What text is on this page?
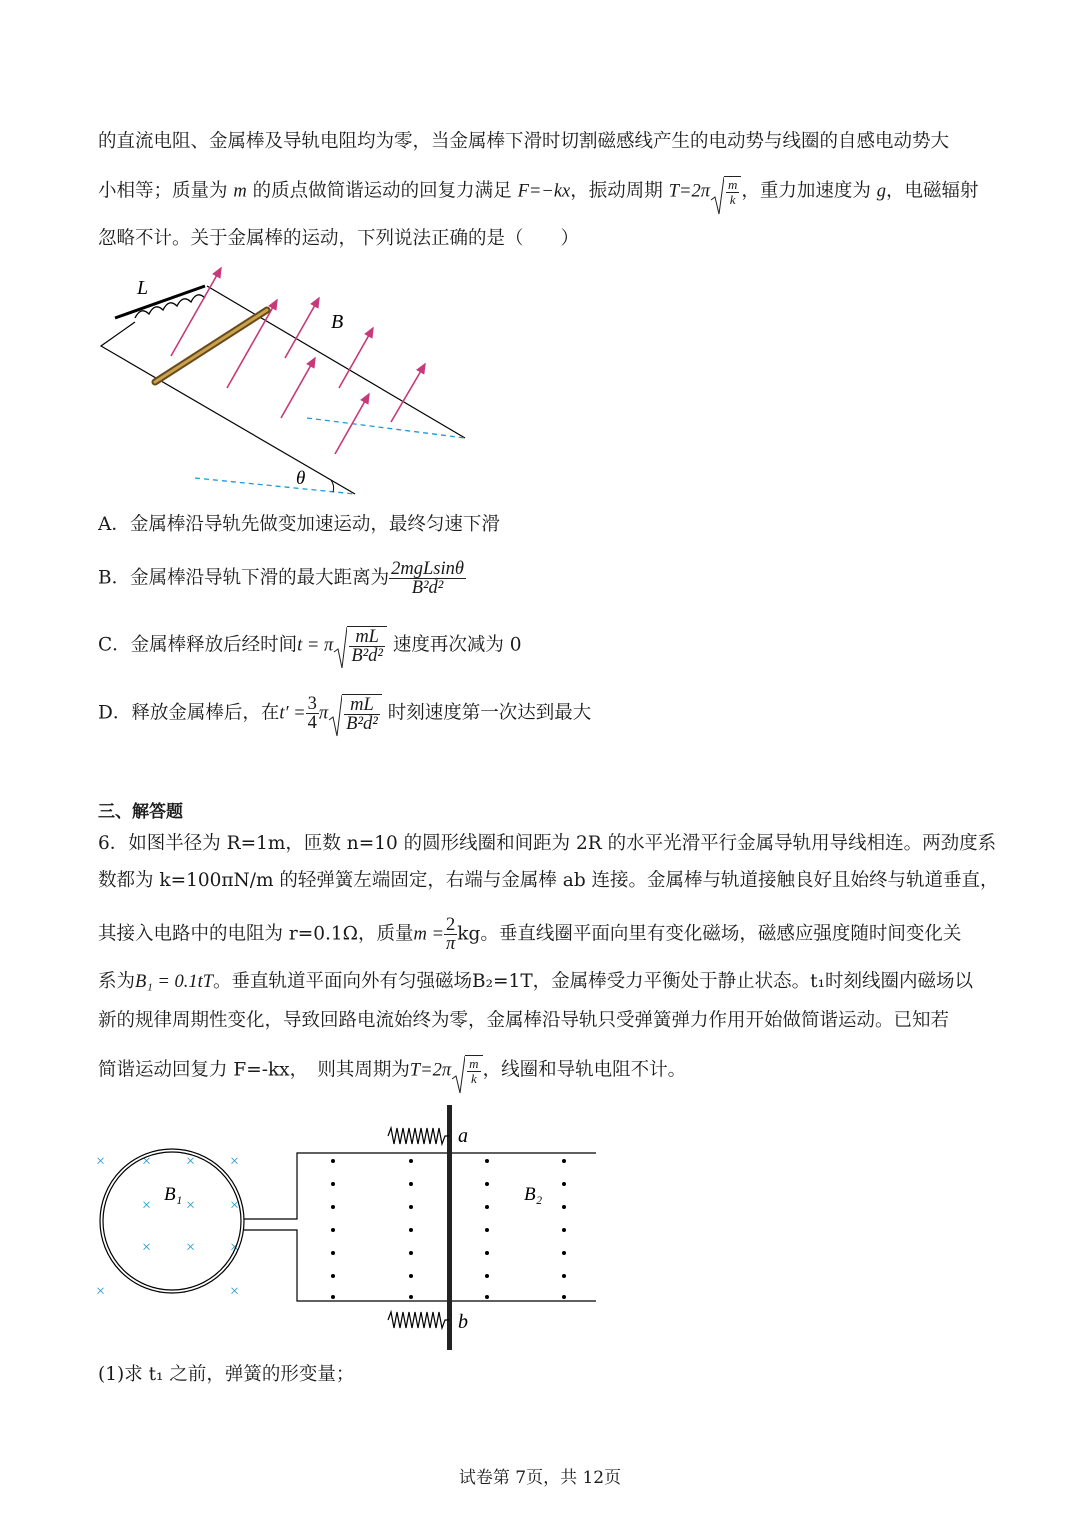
的直流电阻、金属棒及导轨电阻均为零，当金属棒下滑时切割磁感线产生的电动势与线圈的自感电动势大
小相等；质量为 m 的质点做简谐运动的回复力满足 F=−kx，振动周期 $T=2\pi \frac{m}{k}$ ，重力加速度为 g，电磁辐射
忽略不计。关于金属棒的运动，下列说法正确的是（　　）
L
θ
B
A．金属棒沿导轨先做变加速运动，最终匀速下滑
B．金属棒沿导轨下滑的最大距离为 $\frac{\text{2mgLsinθ}}{\text{B²d²}}$
C．金属棒释放后经时间t = π $\frac{mL}{\text{B²d²}}$ 速度再次减为 0
D．释放金属棒后，在$t' = \frac{3}{4}$ π $\frac{mL}{\text{B²d²}}$ 时刻速度第一次达到最大
三、解答题
6．如图半径为 R=1m，匝数 n=10 的圆形线圈和间距为 2R 的水平光滑平行金属导轨用导线相连。两劲度系
数都为 k=100πN/m 的轻弹簧左端固定，右端与金属棒 ab 连接。金属棒与轨道接触良好且始终与轨道垂直，
其接入电路中的电阻为 r=0.1Ω，质量$m = \frac{2}{\pi}$ kg。垂直线圈平面向里有变化磁场，磁感应强度随时间变化关
系为B₁ = 0.1tT。垂直轨道平面向外有匀强磁场B₂=1T，金属棒受力平衡处于静止状态。t₁时刻线圈内磁场以
新的规律周期性变化，导致回路电流始终为零，金属棒沿导轨只受弹簧弹力作用开始做简谐运动。已知若
简谐运动回复力 F=-kx，　则其周期为$T=2\pi \frac{m}{k}$ ，线圈和导轨电阻不计。
× × × ×
× × ×
× × ×
×	×
B₁	B₂
a
b
(1)求 t₁ 之前，弹簧的形变量；
试卷第 7页，共 12页
